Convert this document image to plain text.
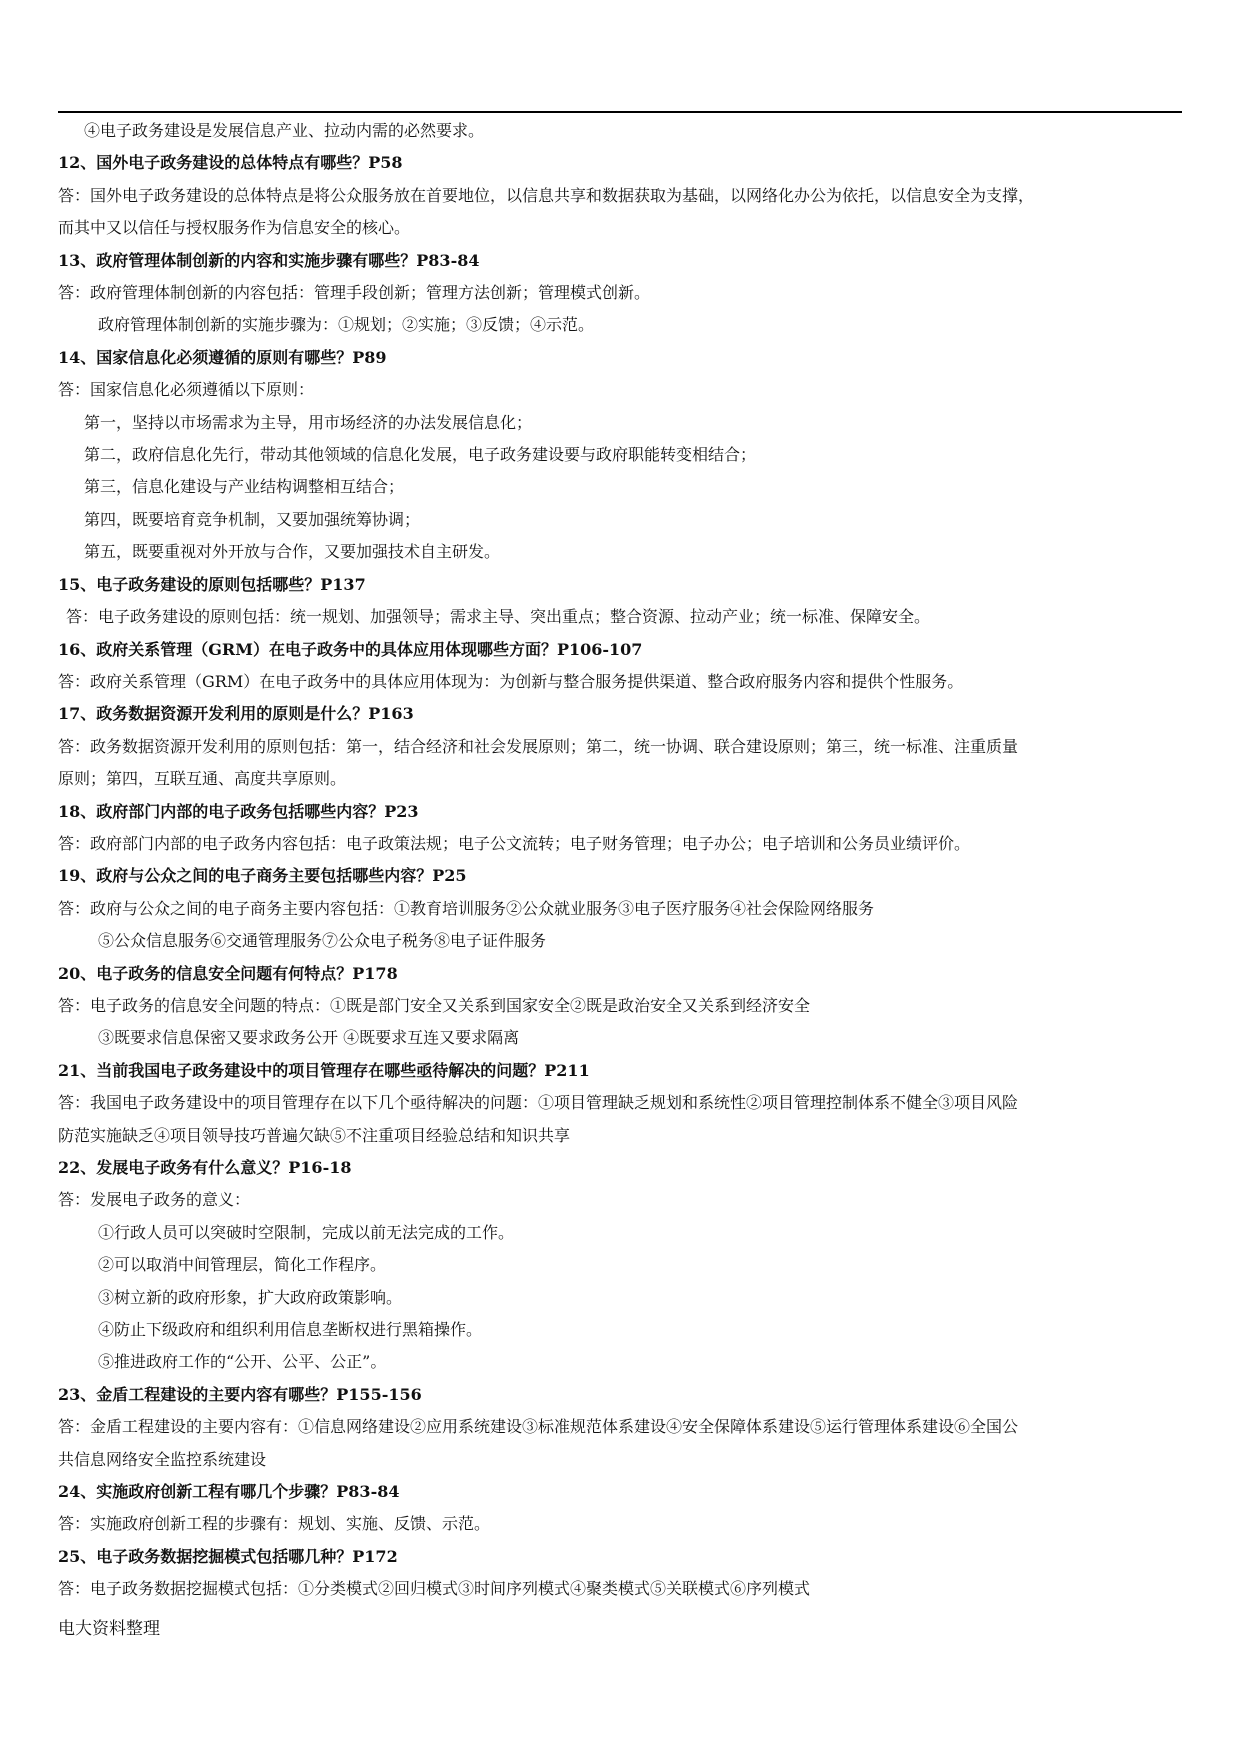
④电子政务建设是发展信息产业、拉动内需的必然要求。

12、国外电子政务建设的总体特点有哪些？P58

答：国外电子政务建设的总体特点是将公众服务放在首要地位，以信息共享和数据获取为基础，以网络化办公为依托，以信息安全为支撑，

而其中又以信任与授权服务作为信息安全的核心。

13、政府管理体制创新的内容和实施步骤有哪些？P83-84

答：政府管理体制创新的内容包括：管理手段创新；管理方法创新；管理模式创新。

政府管理体制创新的实施步骤为：①规划；②实施；③反馈；④示范。

14、国家信息化必须遵循的原则有哪些？P89

答：国家信息化必须遵循以下原则：

第一，坚持以市场需求为主导，用市场经济的办法发展信息化；

第二，政府信息化先行，带动其他领域的信息化发展，电子政务建设要与政府职能转变相结合；

第三，信息化建设与产业结构调整相互结合；

第四，既要培育竞争机制，又要加强统筹协调；

第五，既要重视对外开放与合作，又要加强技术自主研发。

15、电子政务建设的原则包括哪些？P137

答：电子政务建设的原则包括：统一规划、加强领导；需求主导、突出重点；整合资源、拉动产业；统一标准、保障安全。

16、政府关系管理（GRM）在电子政务中的具体应用体现哪些方面？P106-107

答：政府关系管理（GRM）在电子政务中的具体应用体现为：为创新与整合服务提供渠道、整合政府服务内容和提供个性服务。

17、政务数据资源开发利用的原则是什么？P163

答：政务数据资源开发利用的原则包括：第一，结合经济和社会发展原则；第二，统一协调、联合建设原则；第三，统一标准、注重质量

原则；第四，互联互通、高度共享原则。

18、政府部门内部的电子政务包括哪些内容？P23

答：政府部门内部的电子政务内容包括：电子政策法规；电子公文流转；电子财务管理；电子办公；电子培训和公务员业绩评价。

19、政府与公众之间的电子商务主要包括哪些内容？P25

答：政府与公众之间的电子商务主要内容包括：①教育培训服务②公众就业服务③电子医疗服务④社会保险网络服务

⑤公众信息服务⑥交通管理服务⑦公众电子税务⑧电子证件服务

20、电子政务的信息安全问题有何特点？P178

答：电子政务的信息安全问题的特点：①既是部门安全又关系到国家安全②既是政治安全又关系到经济安全

③既要求信息保密又要求政务公开 ④既要求互连又要求隔离

21、当前我国电子政务建设中的项目管理存在哪些亟待解决的问题？P211

答：我国电子政务建设中的项目管理存在以下几个亟待解决的问题：①项目管理缺乏规划和系统性②项目管理控制体系不健全③项目风险

防范实施缺乏④项目领导技巧普遍欠缺⑤不注重项目经验总结和知识共享

22、发展电子政务有什么意义？P16-18

答：发展电子政务的意义：

①行政人员可以突破时空限制，完成以前无法完成的工作。

②可以取消中间管理层，简化工作程序。

③树立新的政府形象，扩大政府政策影响。

④防止下级政府和组织利用信息垄断权进行黑箱操作。

⑤推进政府工作的“公开、公平、公正”。

23、金盾工程建设的主要内容有哪些？P155-156

答：金盾工程建设的主要内容有：①信息网络建设②应用系统建设③标准规范体系建设④安全保障体系建设⑤运行管理体系建设⑥全国公

共信息网络安全监控系统建设

24、实施政府创新工程有哪几个步骤？P83-84

答：实施政府创新工程的步骤有：规划、实施、反馈、示范。

25、电子政务数据挖掘模式包括哪几种？P172

答：电子政务数据挖掘模式包括：①分类模式②回归模式③时间序列模式④聚类模式⑤关联模式⑥序列模式

电大资料整理
